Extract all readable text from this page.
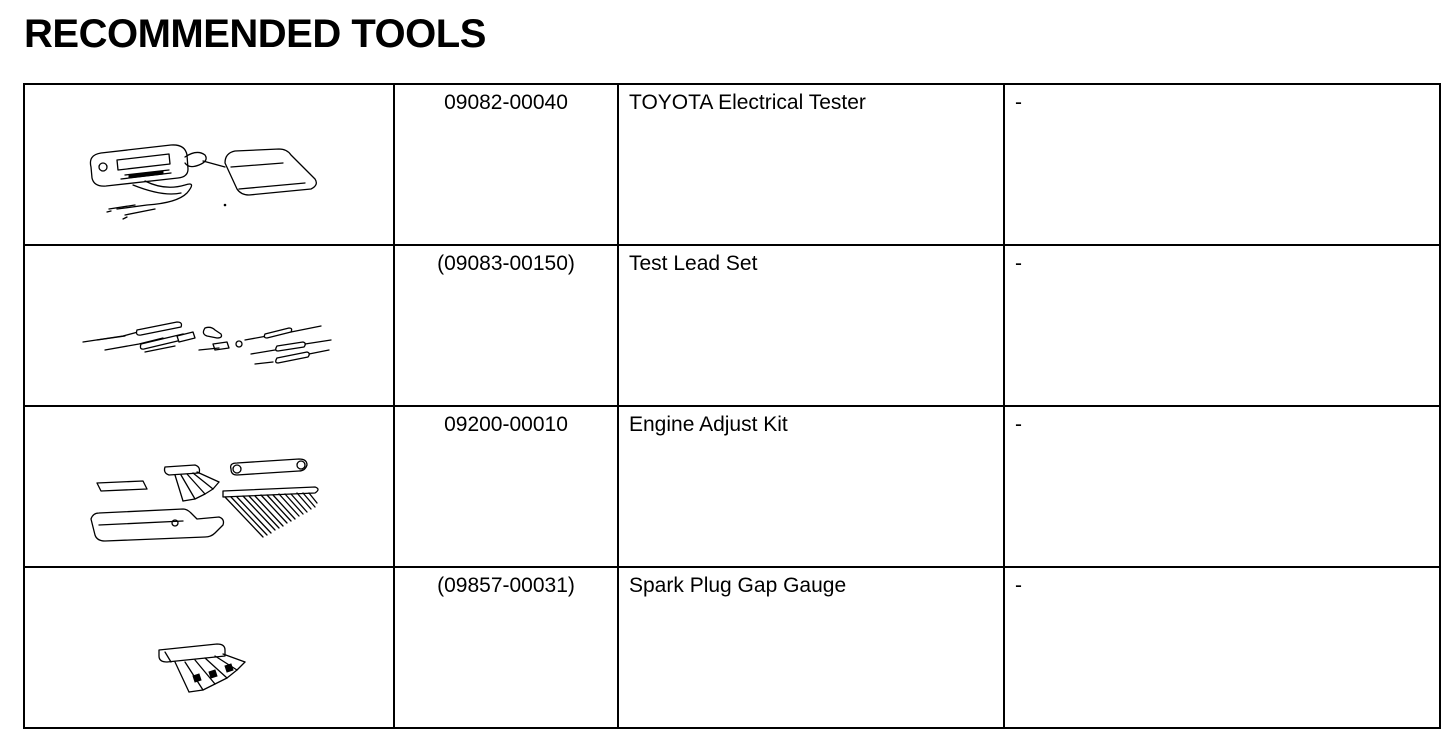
RECOMMENDED TOOLS
	09082-00040	TOYOTA Electrical Tester	-

	(09083-00150)	Test Lead Set	-

	09200-00010	Engine Adjust Kit	-

	(09857-00031)	Spark Plug Gap Gauge	-
